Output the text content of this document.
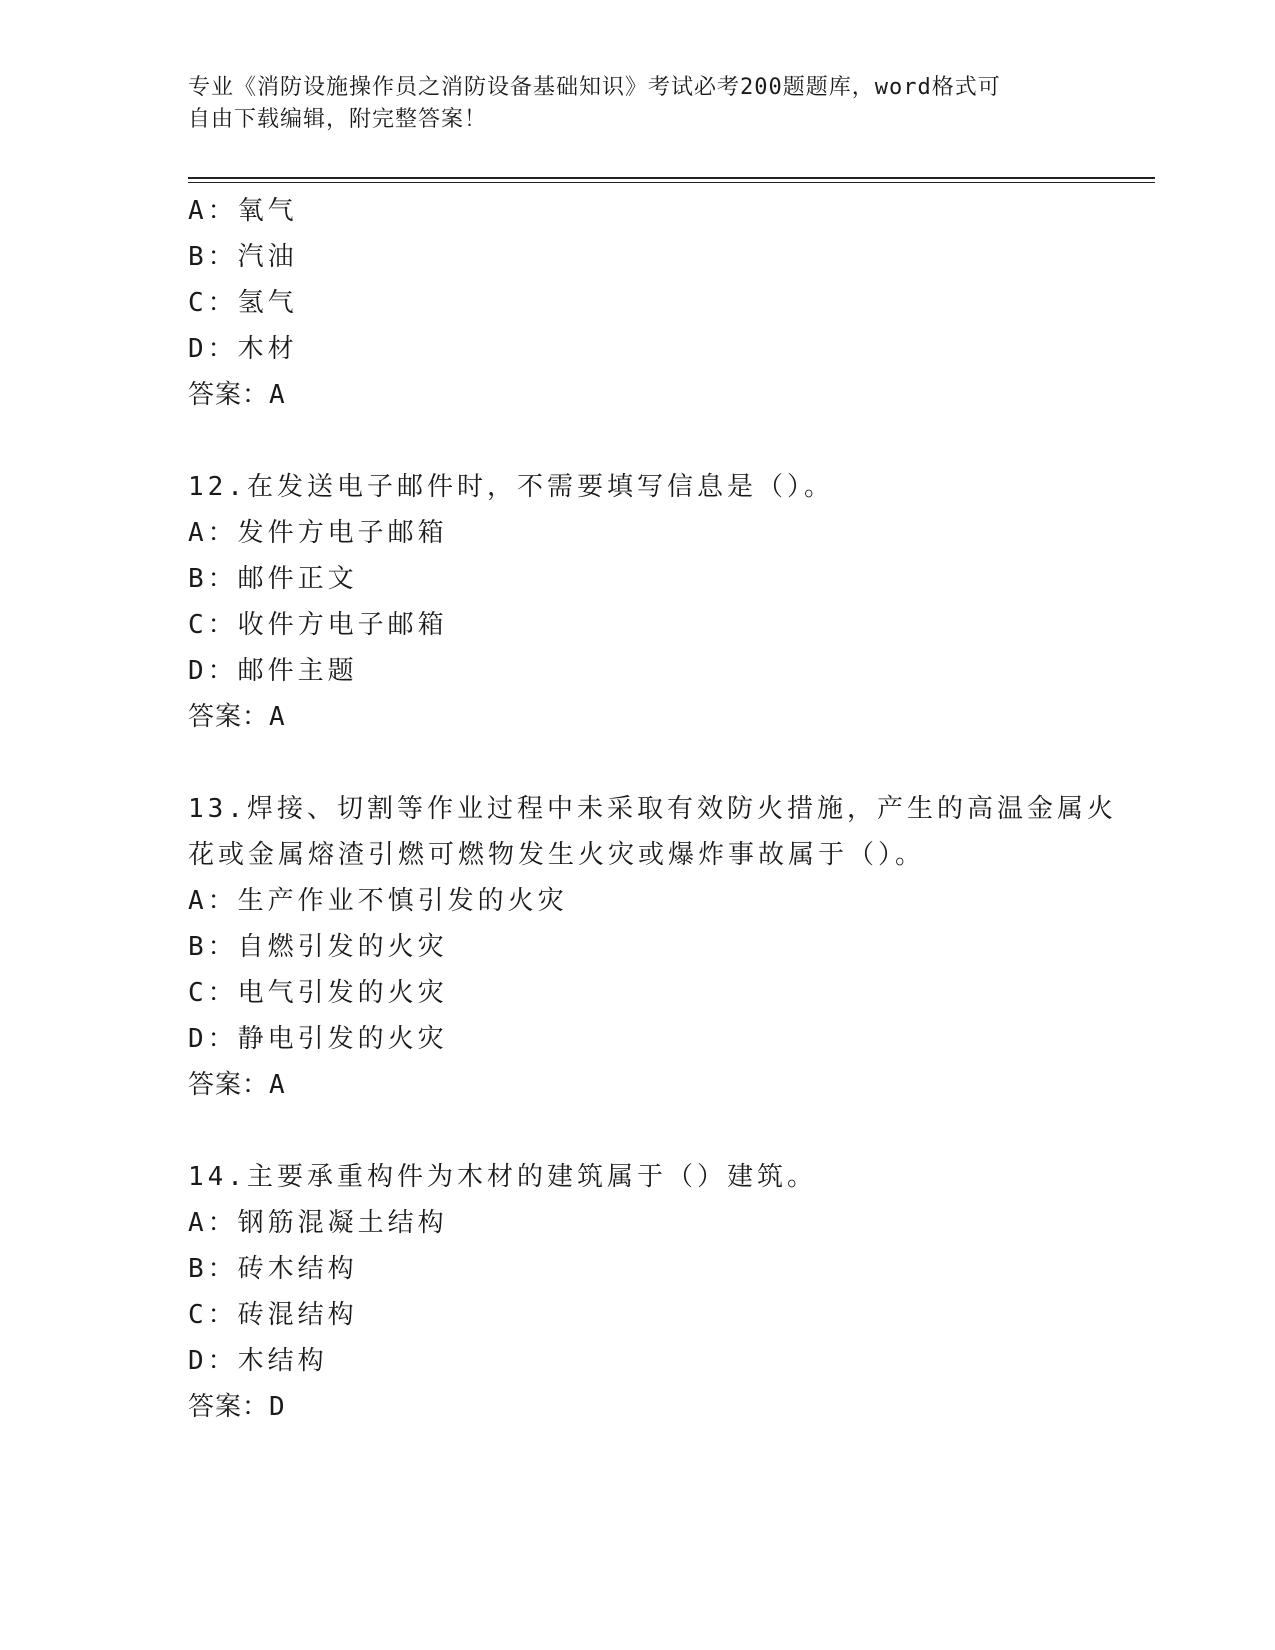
专业《消防设施操作员之消防设备基础知识》考试必考200题题库，word格式可
自由下载编辑，附完整答案！
A：氧气
B：汽油
C：氢气
D：木材
答案：A
12.在发送电子邮件时，不需要填写信息是（）。
A：发件方电子邮箱
B：邮件正文
C：收件方电子邮箱
D：邮件主题
答案：A
13.焊接、切割等作业过程中未采取有效防火措施，产生的高温金属火
花或金属熔渣引燃可燃物发生火灾或爆炸事故属于（）。
A：生产作业不慎引发的火灾
B：自燃引发的火灾
C：电气引发的火灾
D：静电引发的火灾
答案：A
14.主要承重构件为木材的建筑属于（）建筑。
A：钢筋混凝土结构
B：砖木结构
C：砖混结构
D：木结构
答案：D
